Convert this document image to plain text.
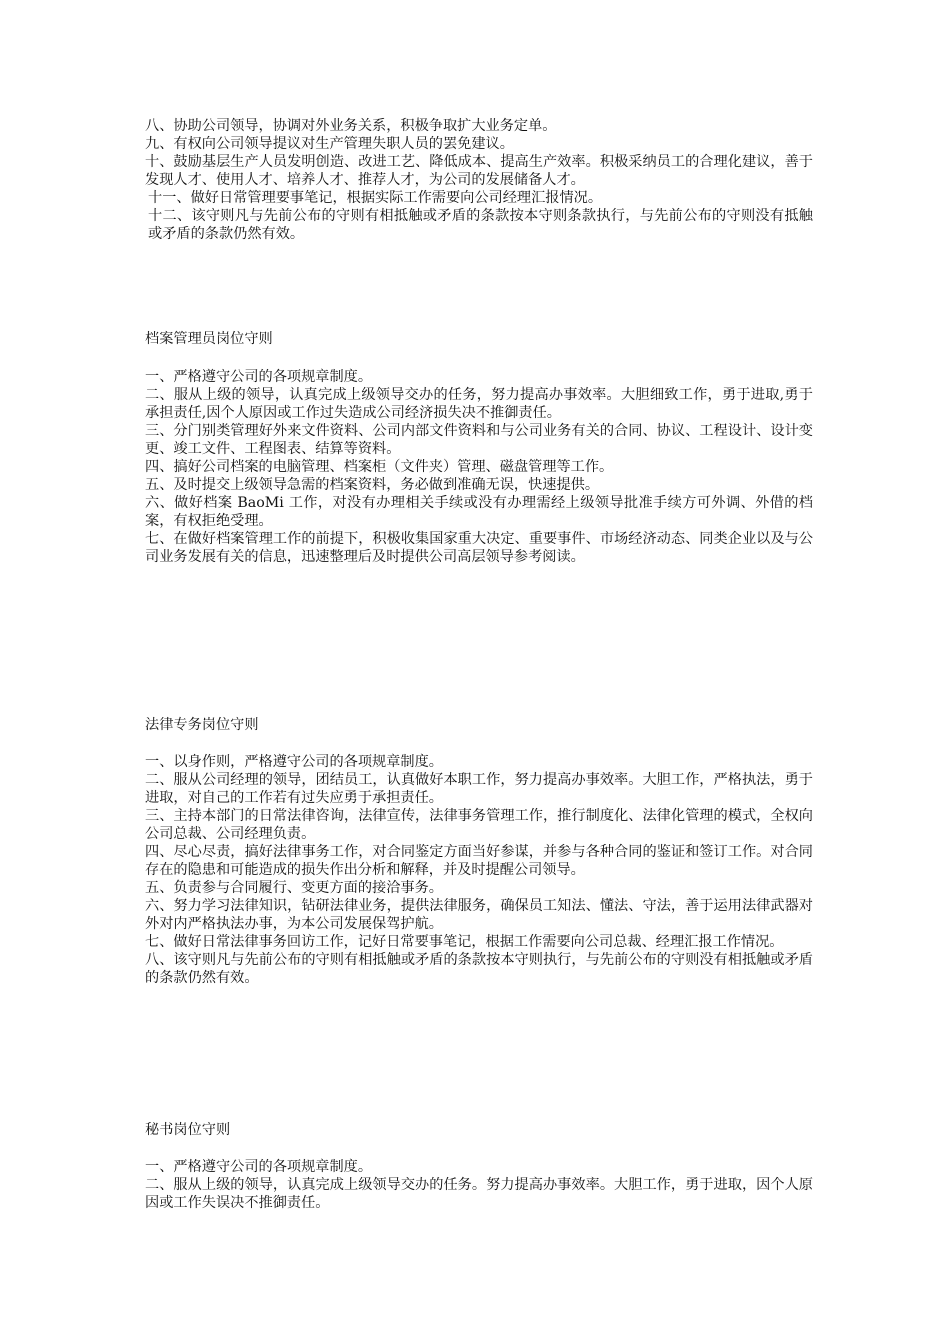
八、协助公司领导，协调对外业务关系，积极争取扩大业务定单。

九、有权向公司领导提议对生产管理失职人员的罢免建议。

十、鼓励基层生产人员发明创造、改进工艺、降低成本、提高生产效率。积极采纳员工的合理化建议，善于发现人才、使用人才、培养人才、推荐人才，为公司的发展储备人才。

十一、做好日常管理要事笔记，根据实际工作需要向公司经理汇报情况。

十二、该守则凡与先前公布的守则有相抵触或矛盾的条款按本守则条款执行，与先前公布的守则没有抵触或矛盾的条款仍然有效。

档案管理员岗位守则

一、严格遵守公司的各项规章制度。

二、服从上级的领导，认真完成上级领导交办的任务，努力提高办事效率。大胆细致工作，勇于进取,勇于承担责任,因个人原因或工作过失造成公司经济损失决不推御责任。

三、分门别类管理好外来文件资料、公司内部文件资料和与公司业务有关的合同、协议、工程设计、设计变更、竣工文件、工程图表、结算等资料。

四、搞好公司档案的电脑管理、档案柜（文件夹）管理、磁盘管理等工作。

五、及时提交上级领导急需的档案资料，务必做到准确无误，快速提供。

六、做好档案 BaoMi 工作，对没有办理相关手续或没有办理需经上级领导批准手续方可外调、外借的档案，有权拒绝受理。

七、在做好档案管理工作的前提下，积极收集国家重大决定、重要事件、市场经济动态、同类企业以及与公司业务发展有关的信息，迅速整理后及时提供公司高层领导参考阅读。

法律专务岗位守则

一、以身作则，严格遵守公司的各项规章制度。

二、服从公司经理的领导，团结员工，认真做好本职工作，努力提高办事效率。大胆工作，严格执法，勇于进取，对自己的工作若有过失应勇于承担责任。

三、主持本部门的日常法律咨询，法律宣传，法律事务管理工作，推行制度化、法律化管理的模式，全权向公司总裁、公司经理负责。

四、尽心尽责，搞好法律事务工作，对合同鉴定方面当好参谋，并参与各种合同的鉴证和签订工作。对合同存在的隐患和可能造成的损失作出分析和解释，并及时提醒公司领导。

五、负责参与合同履行、变更方面的接洽事务。

六、努力学习法律知识，钻研法律业务，提供法律服务，确保员工知法、懂法、守法，善于运用法律武器对外对内严格执法办事，为本公司发展保驾护航。

七、做好日常法律事务回访工作，记好日常要事笔记，根据工作需要向公司总裁、经理汇报工作情况。

八、该守则凡与先前公布的守则有相抵触或矛盾的条款按本守则执行，与先前公布的守则没有相抵触或矛盾的条款仍然有效。

秘书岗位守则

一、严格遵守公司的各项规章制度。

二、服从上级的领导，认真完成上级领导交办的任务。努力提高办事效率。大胆工作，勇于进取，因个人原因或工作失误决不推御责任。
